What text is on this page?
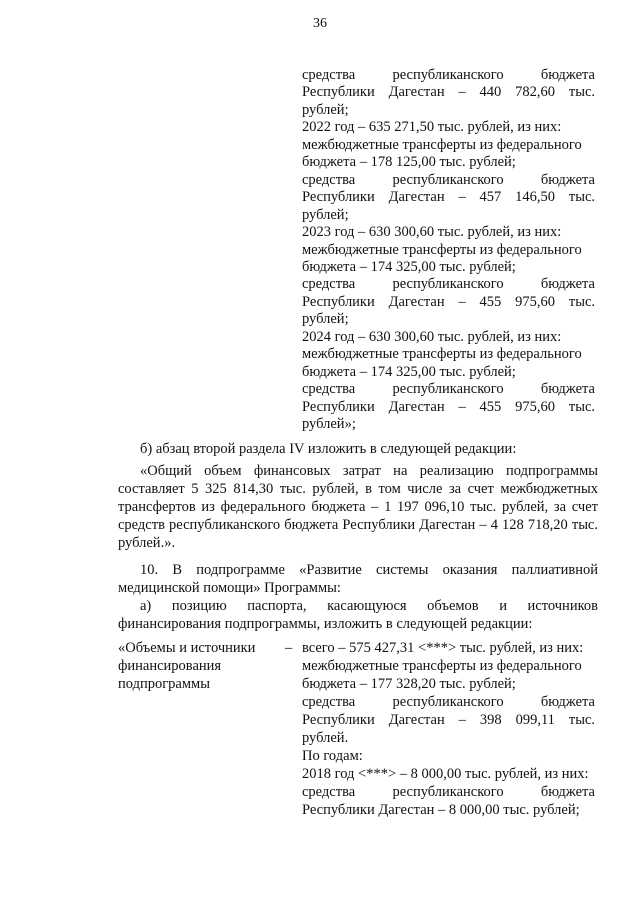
36
средства республиканского бюджета
Республики Дагестан – 440 782,60 тыс.
рублей;
2022 год – 635 271,50 тыс. рублей, из них:
межбюджетные трансферты из федерального
бюджета – 178 125,00 тыс. рублей;
средства республиканского бюджета
Республики Дагестан – 457 146,50 тыс.
рублей;
2023 год – 630 300,60 тыс. рублей, из них:
межбюджетные трансферты из федерального
бюджета – 174 325,00 тыс. рублей;
средства республиканского бюджета
Республики Дагестан – 455 975,60 тыс.
рублей;
2024 год – 630 300,60 тыс. рублей, из них:
межбюджетные трансферты из федерального
бюджета – 174 325,00 тыс. рублей;
средства республиканского бюджета
Республики Дагестан – 455 975,60 тыс.
рублей»;
б) абзац второй раздела IV изложить в следующей редакции:
«Общий объем финансовых затрат на реализацию подпрограммы
составляет 5 325 814,30 тыс. рублей, в том числе за счет межбюджетных
трансфертов из федерального бюджета – 1 197 096,10 тыс. рублей, за счет
средств республиканского бюджета Республики Дагестан – 4 128 718,20 тыс.
рублей.».
10. В подпрограмме «Развитие системы оказания паллиативной
медицинской помощи» Программы:
а) позицию паспорта, касающуюся объемов и источников
финансирования подпрограммы, изложить в следующей редакции:
«Объемы и источники
финансирования
подпрограммы
– всего – 575 427,31 <***> тыс. рублей, из них:
межбюджетные трансферты из федерального
бюджета – 177 328,20 тыс. рублей;
средства республиканского бюджета
Республики Дагестан – 398 099,11 тыс.
рублей.
По годам:
2018 год <***> – 8 000,00 тыс. рублей, из них:
средства республиканского бюджета
Республики Дагестан – 8 000,00 тыс. рублей;
